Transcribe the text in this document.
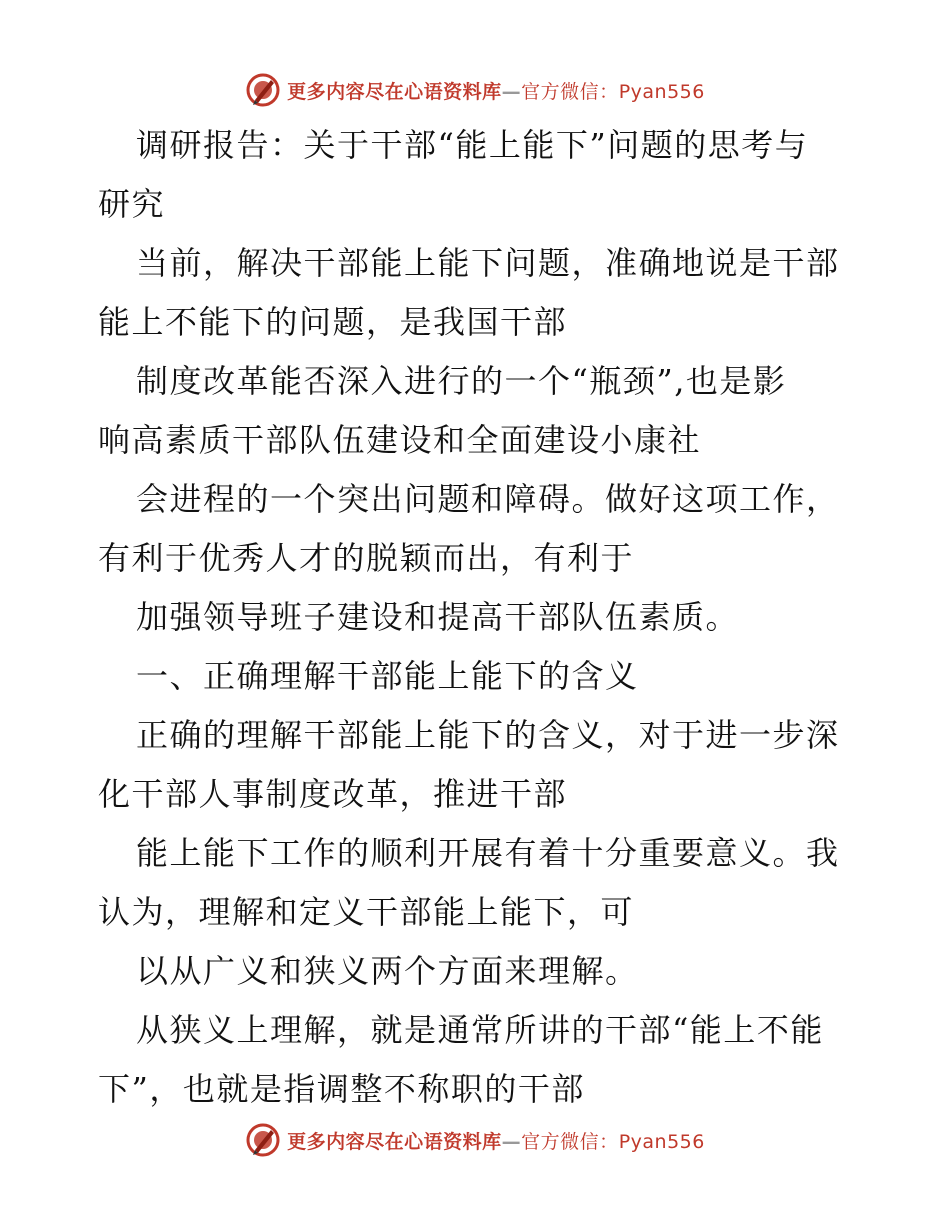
更多内容尽在心语资料库—官方微信：Pyan556
调研报告：关于干部“能上能下”问题的思考与
研究
当前，解决干部能上能下问题，准确地说是干部
能上不能下的问题，是我国干部
制度改革能否深入进行的一个“瓶颈”,也是影
响高素质干部队伍建设和全面建设小康社
会进程的一个突出问题和障碍。做好这项工作，
有利于优秀人才的脱颖而出，有利于
加强领导班子建设和提高干部队伍素质。
一、正确理解干部能上能下的含义
正确的理解干部能上能下的含义，对于进一步深
化干部人事制度改革，推进干部
能上能下工作的顺利开展有着十分重要意义。我
认为，理解和定义干部能上能下，可
以从广义和狭义两个方面来理解。
从狭义上理解，就是通常所讲的干部“能上不能
下”，也就是指调整不称职的干部
更多内容尽在心语资料库—官方微信：Pyan556
